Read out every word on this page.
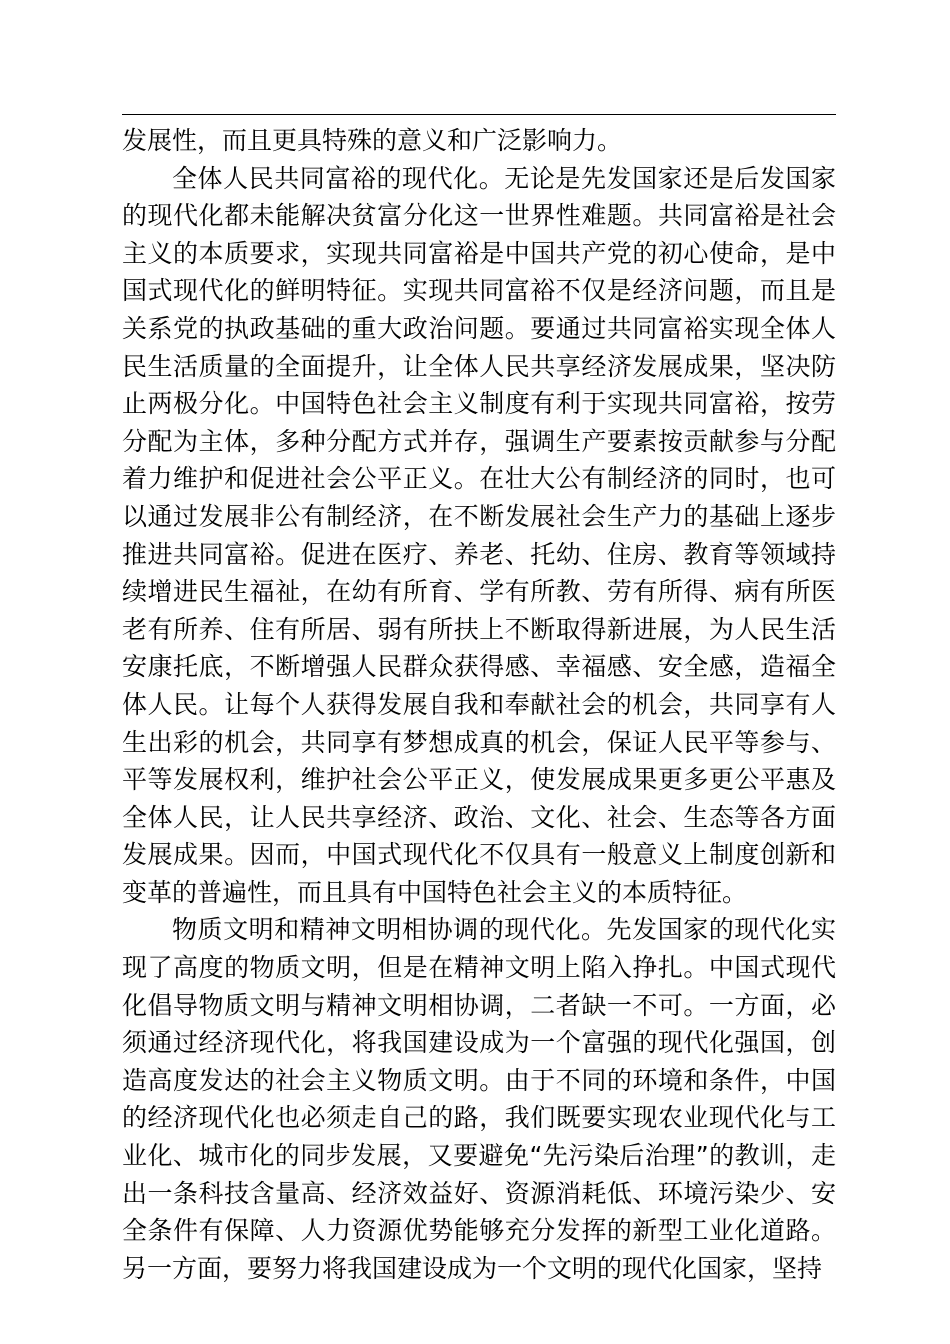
发展性，而且更具特殊的意义和广泛影响力。

全体人民共同富裕的现代化。无论是先发国家还是后发国家的现代化都未能解决贫富分化这一世界性难题。共同富裕是社会主义的本质要求，实现共同富裕是中国共产党的初心使命，是中国式现代化的鲜明特征。实现共同富裕不仅是经济问题，而且是关系党的执政基础的重大政治问题。要通过共同富裕实现全体人民生活质量的全面提升，让全体人民共享经济发展成果，坚决防止两极分化。中国特色社会主义制度有利于实现共同富裕，按劳分配为主体，多种分配方式并存，强调生产要素按贡献参与分配着力维护和促进社会公平正义。在壮大公有制经济的同时，也可以通过发展非公有制经济，在不断发展社会生产力的基础上逐步推进共同富裕。促进在医疗、养老、托幼、住房、教育等领域持续增进民生福祉，在幼有所育、学有所教、劳有所得、病有所医老有所养、住有所居、弱有所扶上不断取得新进展，为人民生活安康托底，不断增强人民群众获得感、幸福感、安全感，造福全体人民。让每个人获得发展自我和奉献社会的机会，共同享有人生出彩的机会，共同享有梦想成真的机会，保证人民平等参与、平等发展权利，维护社会公平正义，使发展成果更多更公平惠及全体人民，让人民共享经济、政治、文化、社会、生态等各方面发展成果。因而，中国式现代化不仅具有一般意义上制度创新和变革的普遍性，而且具有中国特色社会主义的本质特征。

物质文明和精神文明相协调的现代化。先发国家的现代化实现了高度的物质文明，但是在精神文明上陷入挣扎。中国式现代化倡导物质文明与精神文明相协调，二者缺一不可。一方面，必须通过经济现代化，将我国建设成为一个富强的现代化强国，创造高度发达的社会主义物质文明。由于不同的环境和条件，中国的经济现代化也必须走自己的路，我们既要实现农业现代化与工业化、城市化的同步发展，又要避免“先污染后治理”的教训，走出一条科技含量高、经济效益好、资源消耗低、环境污染少、安全条件有保障、人力资源优势能够充分发挥的新型工业化道路。另一方面，要努力将我国建设成为一个文明的现代化国家，坚持
